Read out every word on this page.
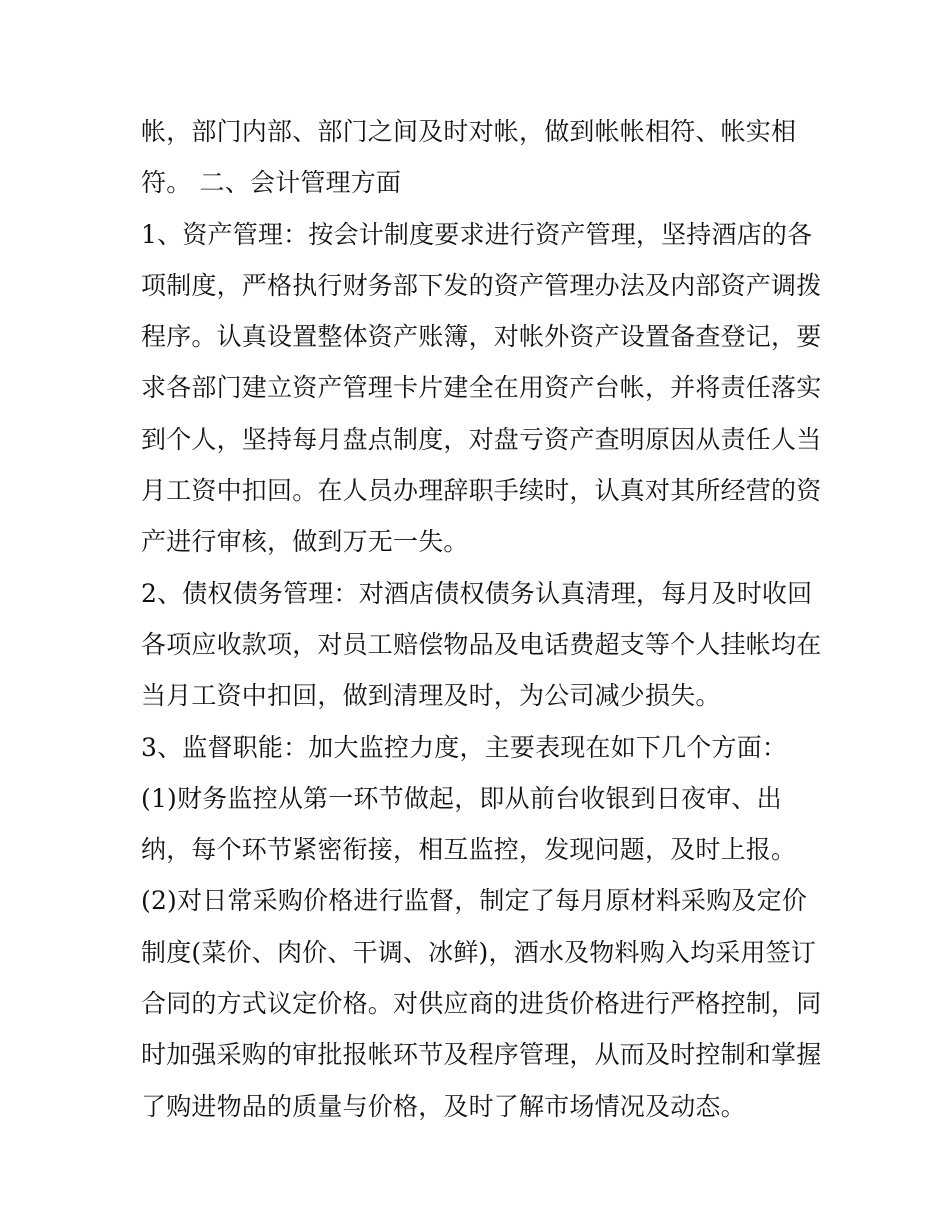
帐，部门内部、部门之间及时对帐，做到帐帐相符、帐实相
符。 二、会计管理方面
1、资产管理：按会计制度要求进行资产管理，坚持酒店的各
项制度，严格执行财务部下发的资产管理办法及内部资产调拨
程序。认真设置整体资产账簿，对帐外资产设置备查登记，要
求各部门建立资产管理卡片建全在用资产台帐，并将责任落实
到个人，坚持每月盘点制度，对盘亏资产查明原因从责任人当
月工资中扣回。在人员办理辞职手续时，认真对其所经营的资
产进行审核，做到万无一失。
2、债权债务管理：对酒店债权债务认真清理，每月及时收回
各项应收款项，对员工赔偿物品及电话费超支等个人挂帐均在
当月工资中扣回，做到清理及时，为公司减少损失。
3、监督职能：加大监控力度，主要表现在如下几个方面：
(1)财务监控从第一环节做起，即从前台收银到日夜审、出
纳，每个环节紧密衔接，相互监控，发现问题，及时上报。
(2)对日常采购价格进行监督，制定了每月原材料采购及定价
制度(菜价、肉价、干调、冰鲜)，酒水及物料购入均采用签订
合同的方式议定价格。对供应商的进货价格进行严格控制，同
时加强采购的审批报帐环节及程序管理，从而及时控制和掌握
了购进物品的质量与价格，及时了解市场情况及动态。
